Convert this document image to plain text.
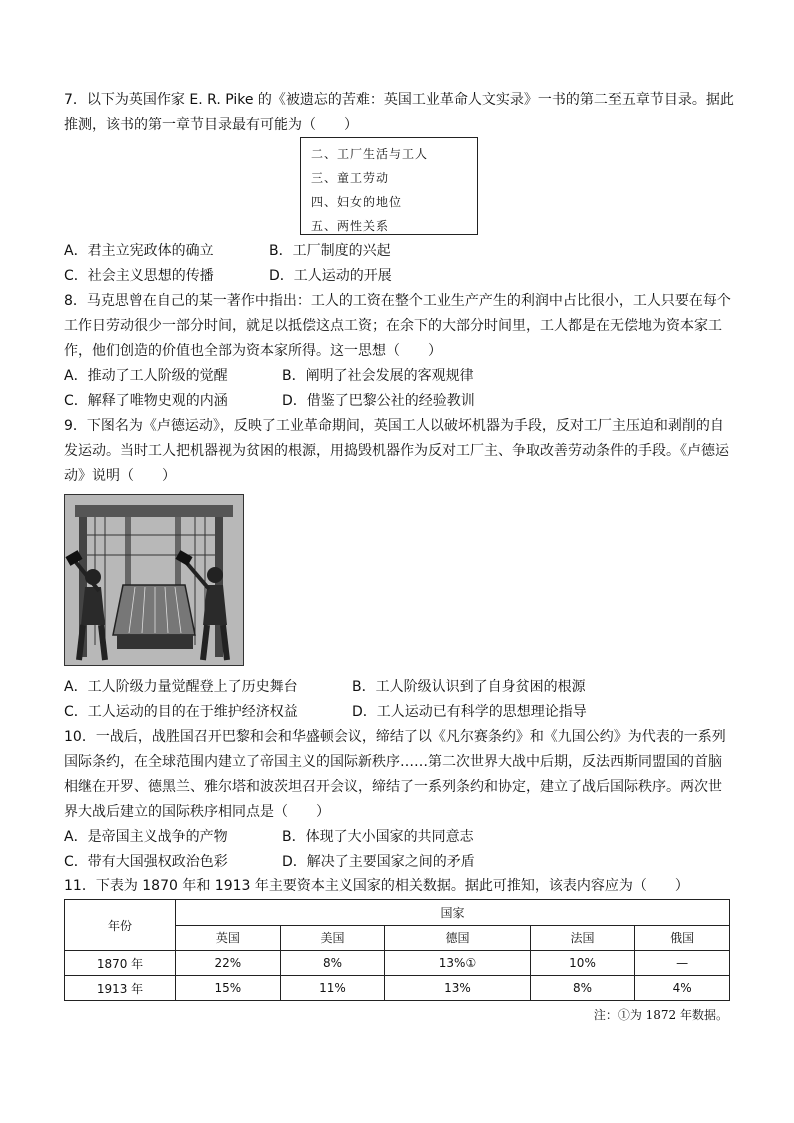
7．以下为英国作家 E. R. Pike 的《被遗忘的苦难：英国工业革命人文实录》一书的第二至五章节目录。据此
推测，该书的第一章节目录最有可能为（　　）
二、工厂生活与工人
三、童工劳动
四、妇女的地位
五、两性关系
A．君主立宪政体的确立	B．工厂制度的兴起
C．社会主义思想的传播	D．工人运动的开展
8．马克思曾在自己的某一著作中指出：工人的工资在整个工业生产产生的利润中占比很小，工人只要在每个
工作日劳动很少一部分时间，就足以抵偿这点工资；在余下的大部分时间里，工人都是在无偿地为资本家工
作，他们创造的价值也全部为资本家所得。这一思想（　　）
A．推动了工人阶级的觉醒	B．阐明了社会发展的客观规律
C．解释了唯物史观的内涵	D．借鉴了巴黎公社的经验教训
9．下图名为《卢德运动》，反映了工业革命期间，英国工人以破坏机器为手段，反对工厂主压迫和剥削的自
发运动。当时工人把机器视为贫困的根源，用捣毁机器作为反对工厂主、争取改善劳动条件的手段。《卢德运
动》说明（　　）
A．工人阶级力量觉醒登上了历史舞台	B．工人阶级认识到了自身贫困的根源
C．工人运动的目的在于维护经济权益	D．工人运动已有科学的思想理论指导
10．一战后，战胜国召开巴黎和会和华盛顿会议，缔结了以《凡尔赛条约》和《九国公约》为代表的一系列
国际条约，在全球范围内建立了帝国主义的国际新秩序……第二次世界大战中后期，反法西斯同盟国的首脑
相继在开罗、德黑兰、雅尔塔和波茨坦召开会议，缔结了一系列条约和协定，建立了战后国际秩序。两次世
界大战后建立的国际秩序相同点是（　　）
A．是帝国主义战争的产物	B．体现了大小国家的共同意志
C．带有大国强权政治色彩	D．解决了主要国家之间的矛盾
11．下表为 1870 年和 1913 年主要资本主义国家的相关数据。据此可推知，该表内容应为（　　）
年份	国家				
	英国	美国	德国	法国	俄国
1870 年	22%	8%	13%①	10%	—
1913 年	15%	11%	13%	8%	4%
注：①为 1872 年数据。
